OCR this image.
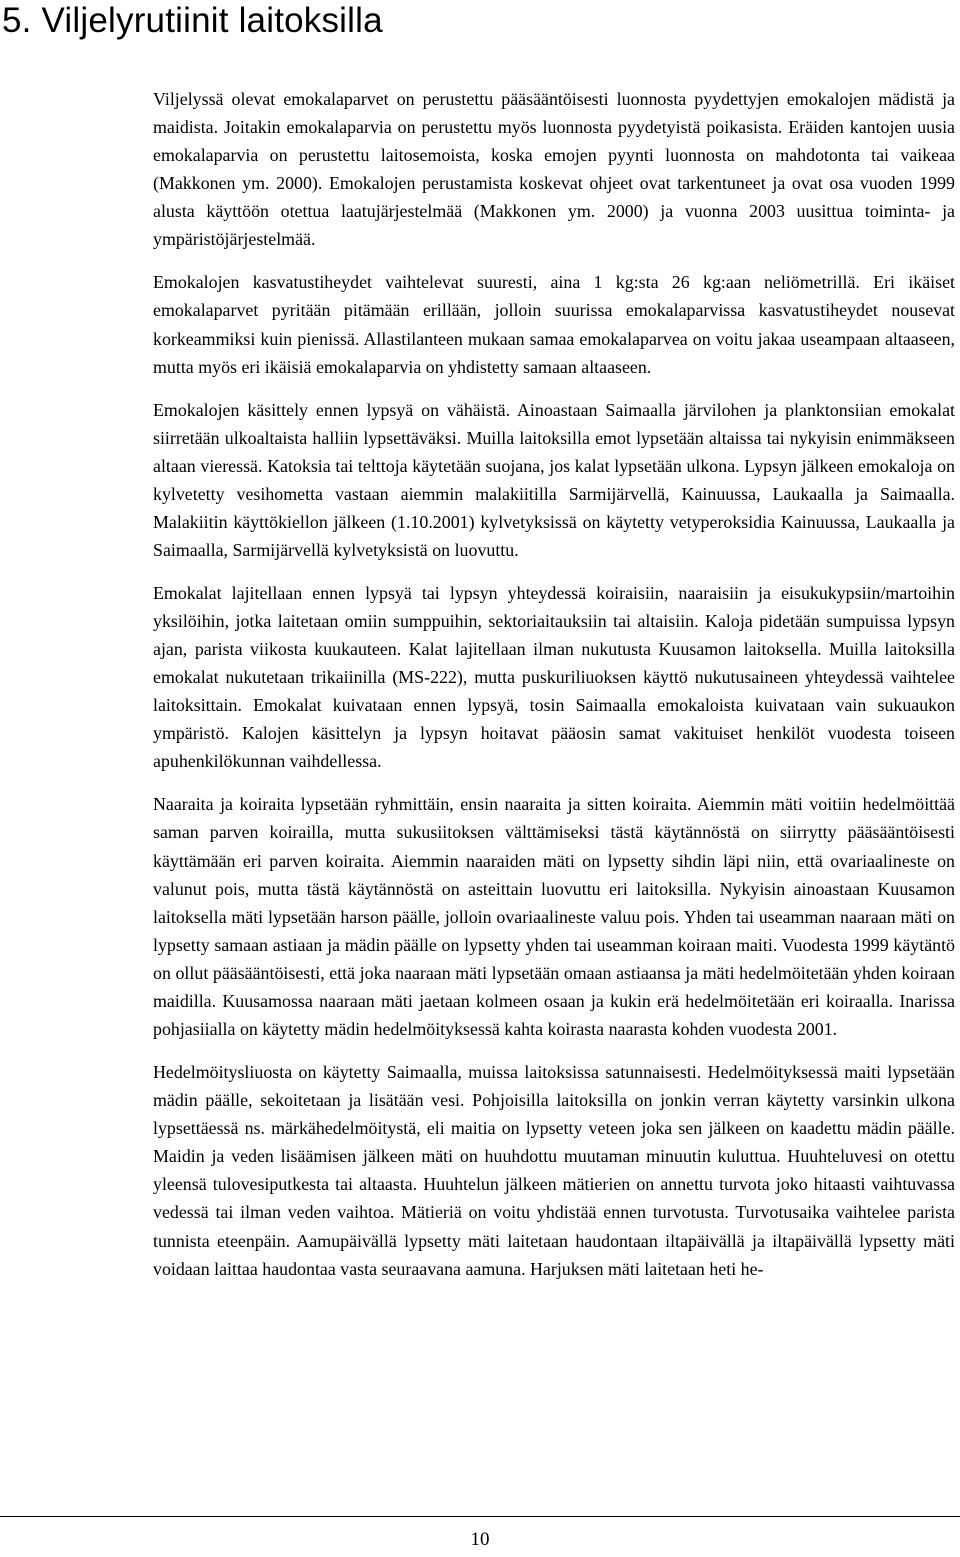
5. Viljelyrutiinit laitoksilla

Viljelyssä olevat emokalaparvet on perustettu pääsääntöisesti luonnosta pyydettyjen emokalojen mädistä ja maidista. Joitakin emokalaparvia on perustettu myös luonnosta pyydetyistä poikasista. Eräiden kantojen uusia emokalaparvia on perustettu laitosemoista, koska emojen pyynti luonnosta on mahdotonta tai vaikeaa (Makkonen ym. 2000). Emokalojen perustamista koskevat ohjeet ovat tarkentuneet ja ovat osa vuoden 1999 alusta käyttöön otettua laatujärjestelmää (Makkonen ym. 2000) ja vuonna 2003 uusittua toiminta- ja ympäristöjärjestelmää.

Emokalojen kasvatustiheydet vaihtelevat suuresti, aina 1 kg:sta 26 kg:aan neliömetrillä. Eri ikäiset emokalaparvet pyritään pitämään erillään, jolloin suurissa emokalaparvissa kasvatustiheydet nousevat korkeammiksi kuin pienissä. Allastilanteen mukaan samaa emokalaparvea on voitu jakaa useampaan altaaseen, mutta myös eri ikäisiä emokalaparvia on yhdistetty samaan altaaseen.

Emokalojen käsittely ennen lypsyä on vähäistä. Ainoastaan Saimaalla järvilohen ja planktonsiian emokalat siirretään ulkoaltaista halliin lypsettäväksi. Muilla laitoksilla emot lypsetään altaissa tai nykyisin enimmäkseen altaan vieressä. Katoksia tai telttoja käytetään suojana, jos kalat lypsetään ulkona. Lypsyn jälkeen emokaloja on kylvetetty vesihometta vastaan aiemmin malakiitilla Sarmijärvellä, Kainuussa, Laukaalla ja Saimaalla. Malakiitin käyttökiellon jälkeen (1.10.2001) kylvetyksissä on käytetty vetyperoksidia Kainuussa, Laukaalla ja Saimaalla, Sarmijärvellä kylvetyksistä on luovuttu.

Emokalat lajitellaan ennen lypsyä tai lypsyn yhteydessä koiraisiin, naaraisiin ja eisukukypsiin/martoihin yksilöihin, jotka laitetaan omiin sumppuihin, sektoriaitauksiin tai altaisiin. Kaloja pidetään sumpuissa lypsyn ajan, parista viikosta kuukauteen. Kalat lajitellaan ilman nukutusta Kuusamon laitoksella. Muilla laitoksilla emokalat nukutetaan trikaiinilla (MS-222), mutta puskuriliuoksen käyttö nukutusaineen yhteydessä vaihtelee laitoksittain. Emokalat kuivataan ennen lypsyä, tosin Saimaalla emokaloista kuivataan vain sukuaukon ympäristö. Kalojen käsittelyn ja lypsyn hoitavat pääosin samat vakituiset henkilöt vuodesta toiseen apuhenkilökunnan vaihdellessa.

Naaraita ja koiraita lypsetään ryhmittäin, ensin naaraita ja sitten koiraita. Aiemmin mäti voitiin hedelmöittää saman parven koirailla, mutta sukusiitoksen välttämiseksi tästä käytännöstä on siirrytty pääsääntöisesti käyttämään eri parven koiraita. Aiemmin naaraiden mäti on lypsetty sihdin läpi niin, että ovariaalineste on valunut pois, mutta tästä käytännöstä on asteittain luovuttu eri laitoksilla. Nykyisin ainoastaan Kuusamon laitoksella mäti lypsetään harson päälle, jolloin ovariaalineste valuu pois. Yhden tai useamman naaraan mäti on lypsetty samaan astiaan ja mädin päälle on lypsetty yhden tai useamman koiraan maiti. Vuodesta 1999 käytäntö on ollut pääsääntöisesti, että joka naaraan mäti lypsetään omaan astiaansa ja mäti hedelmöitetään yhden koiraan maidilla. Kuusamossa naaraan mäti jaetaan kolmeen osaan ja kukin erä hedelmöitetään eri koiraalla. Inarissa pohjasiialla on käytetty mädin hedelmöityksessä kahta koirasta naarasta kohden vuodesta 2001.

Hedelmöitysliuosta on käytetty Saimaalla, muissa laitoksissa satunnaisesti. Hedelmöityksessä maiti lypsetään mädin päälle, sekoitetaan ja lisätään vesi. Pohjoisilla laitoksilla on jonkin verran käytetty varsinkin ulkona lypsettäessä ns. märkähedelmöitystä, eli maitia on lypsetty veteen joka sen jälkeen on kaadettu mädin päälle. Maidin ja veden lisäämisen jälkeen mäti on huuhdottu muutaman minuutin kuluttua. Huuhteluvesi on otettu yleensä tulovesiputkesta tai altaasta. Huuhtelun jälkeen mätierien on annettu turvota joko hitaasti vaihtuvassa vedessä tai ilman veden vaihtoa. Mätieriä on voitu yhdistää ennen turvotusta. Turvotusaika vaihtelee parista tunnista eteenpäin. Aamupäivällä lypsetty mäti laitetaan haudontaan iltapäivällä ja iltapäivällä lypsetty mäti voidaan laittaa haudontaa vasta seuraavana aamuna. Harjuksen mäti laitetaan heti he-

10
